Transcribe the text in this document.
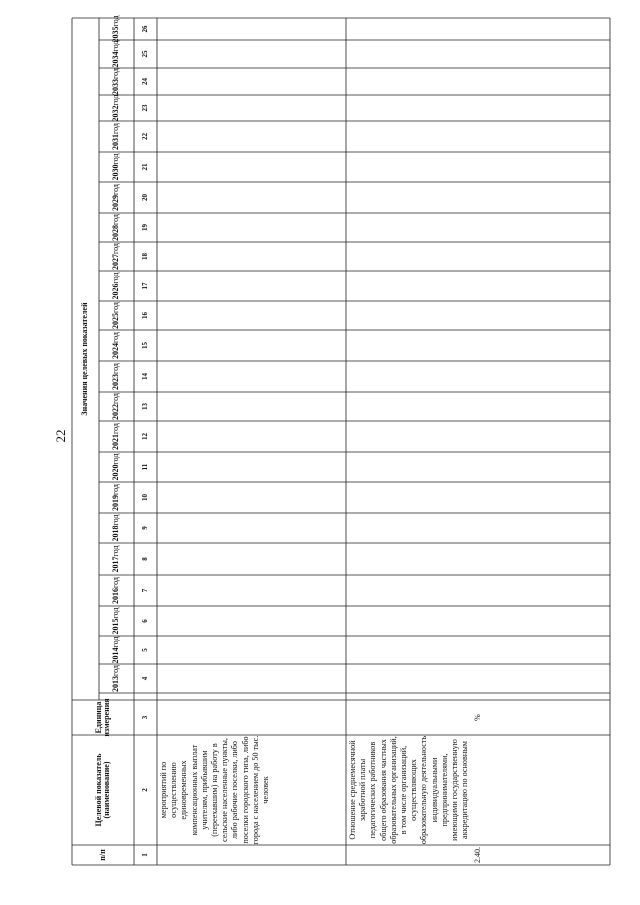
22
п/п
Целевой показатель (наименование)
Единица измерения
Значения целевых показателей
2013
год
2014
год
2015
год
2016
год
2017
год
2018
год
2019
год
2020
год
2021
год
2022
год
2023
год
2024
год
2025
год
2026
год
2027
год
2028
год
2029
год
2030
год
2031
год
2032
год
2033
год
2034
год
2035
год
1
2
3
4
5
6
7
8
9
10
11
12
13
14
15
16
17
18
19
20
21
22
23
24
25
26
мероприятий по осуществлению единовременных компенсационных выплат учителям, прибывшим (переехавшим) на работу в сельские населенные пункты, либо рабочие поселки, либо поселки городского типа, либо города с населением до 50 тыс. человек
2.40.
Отношение среднемесячной заработной платы педагогических работников общего образования частных образовательных организаций, в том числе организаций, осуществляющих образовательную деятельность индивидуальными предпринимателями, имеющими государственную аккредитацию по основным
%
